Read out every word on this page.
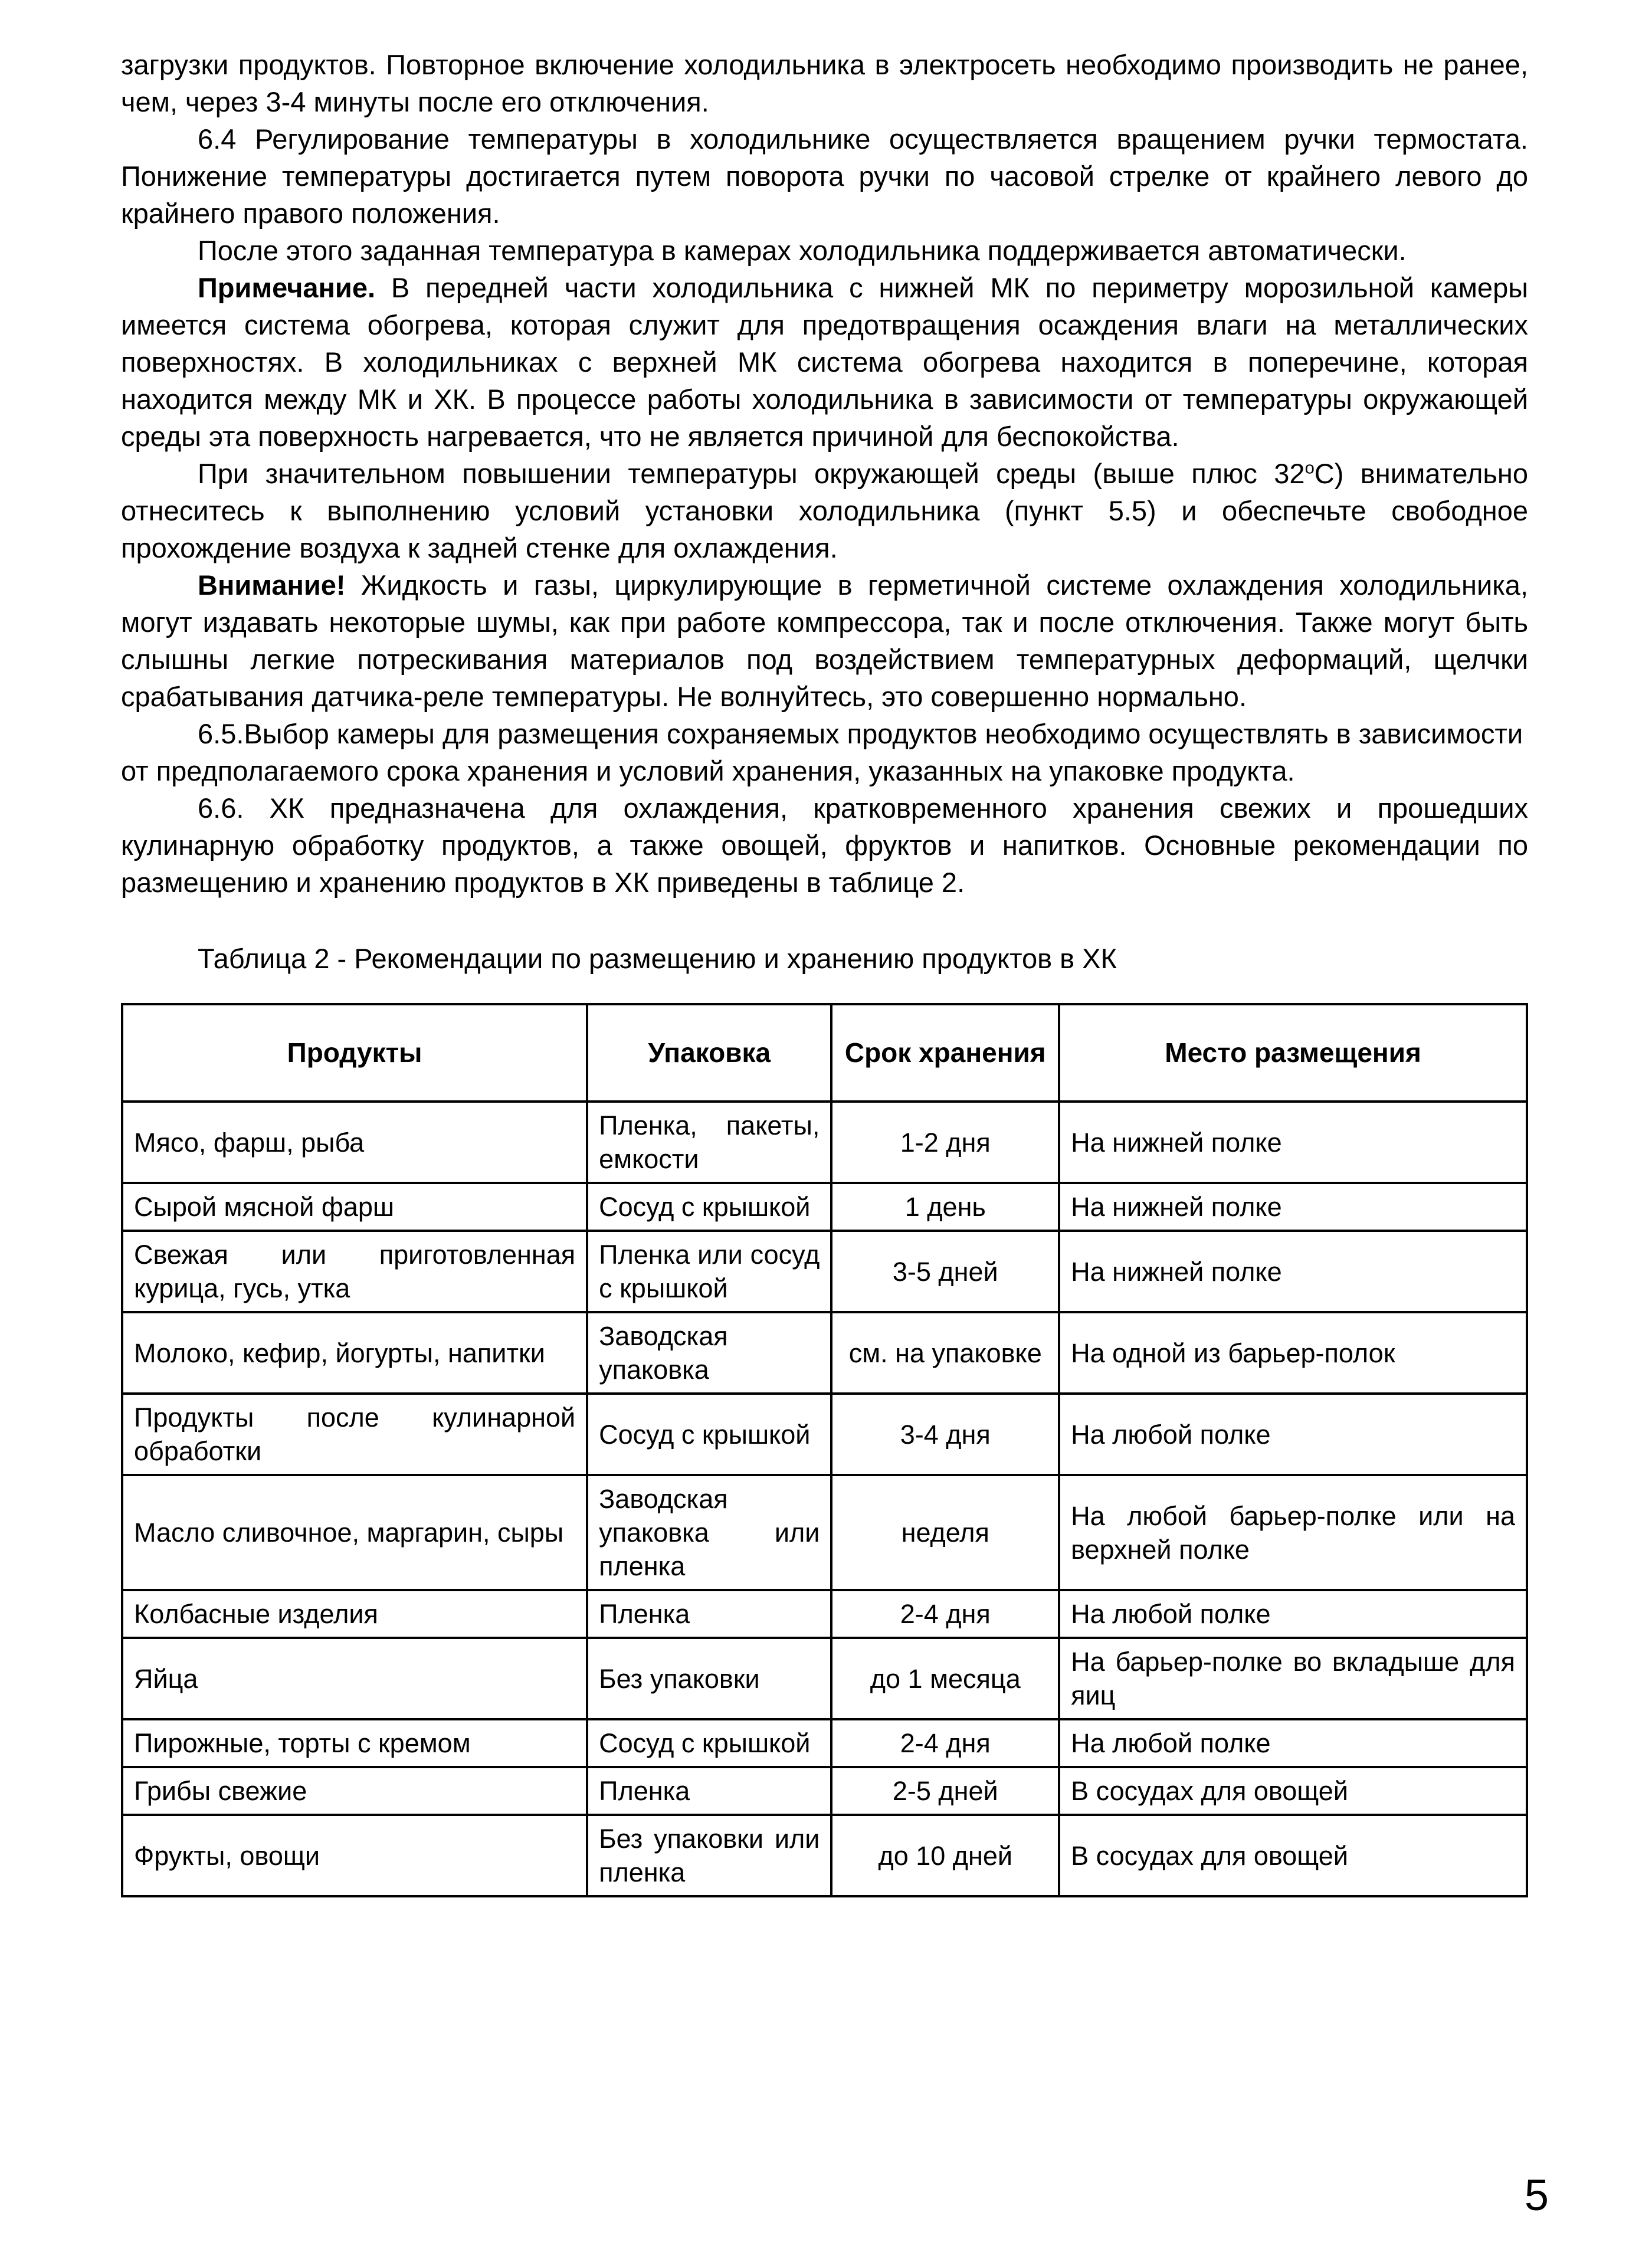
загрузки продуктов. Повторное включение холодильника в электросеть необходимо производить не ранее, чем, через 3-4 минуты после его отключения.

6.4 Регулирование температуры в холодильнике осуществляется вращением ручки термостата. Понижение температуры достигается путем поворота ручки по часовой стрелке от крайнего левого до крайнего правого положения.

После этого заданная температура в камерах холодильника поддерживается автоматически.

Примечание. В передней части холодильника с нижней МК по периметру морозильной камеры имеется система обогрева, которая служит для предотвращения осаждения влаги на металлических поверхностях. В холодильниках с верхней МК система обогрева находится в поперечине, которая находится между МК и ХК. В процессе работы холодильника в зависимости от температуры окружающей среды эта поверхность нагревается, что не является причиной для беспокойства.

При значительном повышении температуры окружающей среды (выше плюс $32^оС$) внимательно отнеситесь к выполнению условий установки холодильника (пункт 5.5) и обеспечьте свободное прохождение воздуха к задней стенке для охлаждения.

Внимание! Жидкость и газы, циркулирующие в герметичной системе охлаждения холодильника, могут издавать некоторые шумы, как при работе компрессора, так и после отключения. Также могут быть слышны легкие потрескивания материалов под воздействием температурных деформаций, щелчки срабатывания датчика-реле температуры. Не волнуйтесь, это совершенно нормально.

6.5.Выбор камеры для размещения сохраняемых продуктов необходимо осуществлять в зависимости от предполагаемого срока хранения и условий хранения, указанных на упаковке продукта.

6.6. ХК предназначена для охлаждения, кратковременного хранения свежих и прошедших кулинарную обработку продуктов, а также овощей, фруктов и напитков. Основные рекомендации по размещению и хранению продуктов в ХК приведены в таблице 2.

Таблица 2 - Рекомендации по размещению и хранению продуктов в ХК

Продукты	Упаковка	Срок хранения	Место размещения
Мясо, фарш, рыба	Пленка, пакеты, емкости	1-2 дня	На нижней полке
Сырой мясной фарш	Сосуд с крышкой	1 день	На нижней полке
Свежая или приготовленная курица, гусь, утка	Пленка или сосуд с крышкой	3-5 дней	На нижней полке
Молоко, кефир, йогурты, напитки	Заводская упаковка	см. на упаковке	На одной из барьер-полок
Продукты после кулинарной обработки	Сосуд с крышкой	3-4 дня	На любой полке
Масло сливочное, маргарин, сыры	Заводская упаковка или пленка	неделя	На любой барьер-полке или на верхней полке
Колбасные изделия	Пленка	2-4 дня	На любой полке
Яйца	Без упаковки	до 1 месяца	На барьер-полке во вкладыше для яиц
Пирожные, торты с кремом	Сосуд с крышкой	2-4 дня	На любой полке
Грибы свежие	Пленка	2-5 дней	В сосудах для овощей
Фрукты, овощи	Без упаковки или пленка	до 10 дней	В сосудах для овощей
5
